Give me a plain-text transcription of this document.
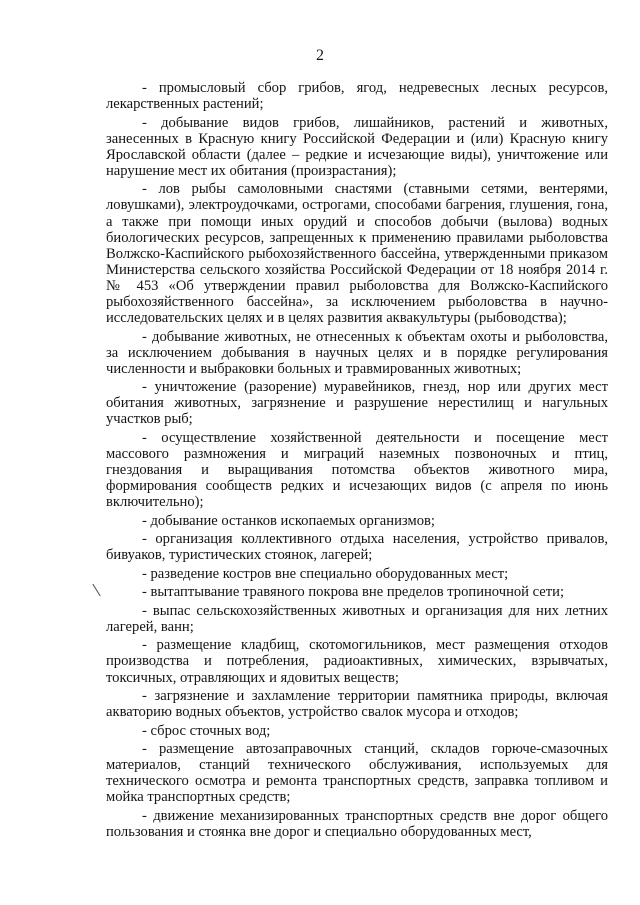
2

- промысловый сбор грибов, ягод, недревесных лесных ресурсов, лекарственных растений;

- добывание видов грибов, лишайников, растений и животных, занесенных в Красную книгу Российской Федерации и (или) Красную книгу Ярославской области (далее – редкие и исчезающие виды), уничтожение или нарушение мест их обитания (произрастания);

- лов рыбы самоловными снастями (ставными сетями, вентерями, ловушками), электроудочками, острогами, способами багрения, глушения, гона, а также при помощи иных орудий и способов добычи (вылова) водных биологических ресурсов, запрещенных к применению правилами рыболовства Волжско-Каспийского рыбохозяйственного бассейна, утвержденными приказом Министерства сельского хозяйства Российской Федерации от 18 ноября 2014 г. № 453 «Об утверждении правил рыболовства для Волжско-Каспийского рыбохозяйственного бассейна», за исключением рыболовства в научно-исследовательских целях и в целях развития аквакультуры (рыбоводства);

- добывание животных, не отнесенных к объектам охоты и рыболовства, за исключением добывания в научных целях и в порядке регулирования численности и выбраковки больных и травмированных животных;

- уничтожение (разорение) муравейников, гнезд, нор или других мест обитания животных, загрязнение и разрушение нерестилищ и нагульных участков рыб;

- осуществление хозяйственной деятельности и посещение мест массового размножения и миграций наземных позвоночных и птиц, гнездования и выращивания потомства объектов животного мира, формирования сообществ редких и исчезающих видов (с апреля по июнь включительно);

- добывание останков ископаемых организмов;

- организация коллективного отдыха населения, устройство привалов, бивуаков, туристических стоянок, лагерей;

- разведение костров вне специально оборудованных мест;

- вытаптывание травяного покрова вне пределов тропиночной сети;

- выпас сельскохозяйственных животных и организация для них летних лагерей, ванн;

- размещение кладбищ, скотомогильников, мест размещения отходов производства и потребления, радиоактивных, химических, взрывчатых, токсичных, отравляющих и ядовитых веществ;

- загрязнение и захламление территории памятника природы, включая акваторию водных объектов, устройство свалок мусора и отходов;

- сброс сточных вод;

- размещение автозаправочных станций, складов горюче-смазочных материалов, станций технического обслуживания, используемых для технического осмотра и ремонта транспортных средств, заправка топливом и мойка транспортных средств;

- движение механизированных транспортных средств вне дорог общего пользования и стоянка вне дорог и специально оборудованных мест,
